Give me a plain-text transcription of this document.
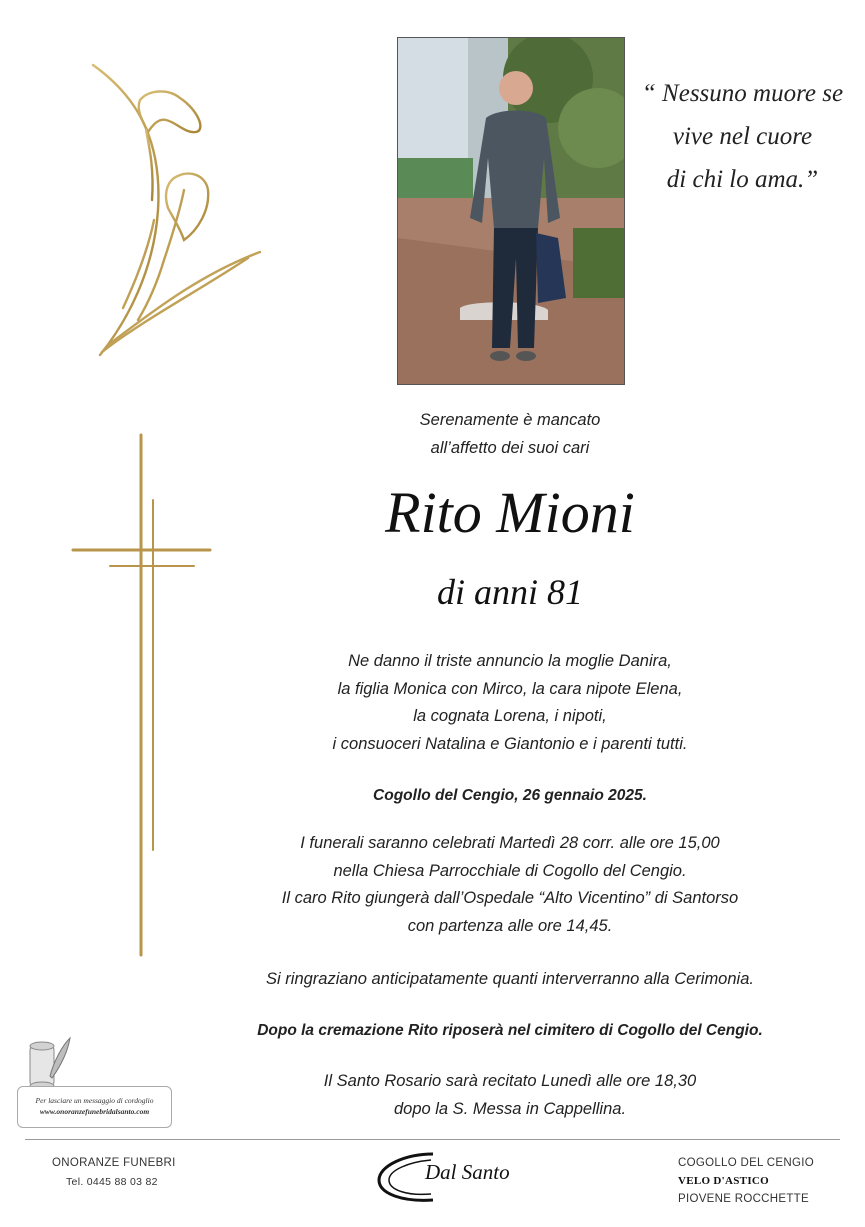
“ Nessuno muore se
vive nel cuore
di chi lo ama.”
Serenamente è mancato
all’affetto dei suoi cari
Rito Mioni
di anni 81
Ne danno il triste annuncio la moglie Danira,
la figlia Monica con Mirco, la cara nipote Elena,
la cognata Lorena, i nipoti,
i consuoceri Natalina e Giantonio e i parenti tutti.
Cogollo del Cengio, 26 gennaio 2025.
I funerali saranno celebrati Martedì 28 corr. alle ore 15,00
nella Chiesa Parrocchiale di Cogollo del Cengio.
Il caro Rito giungerà dall’Ospedale “Alto Vicentino” di Santorso
con partenza alle ore 14,45.
Si ringraziano anticipatamente quanti interverranno alla Cerimonia.
Dopo la cremazione Rito riposerà nel cimitero di Cogollo del Cengio.
Il Santo Rosario sarà recitato Lunedì alle ore 18,30
dopo la S. Messa in Cappellina.
Per lasciare un messaggio di cordoglio
www.onoranzefunebridalsanto.com
ONORANZE FUNEBRI
Tel. 0445 88 03 82	Dal Santo	COGOLLO DEL CENGIO
VELO D'ASTICO
PIOVENE ROCCHETTE
